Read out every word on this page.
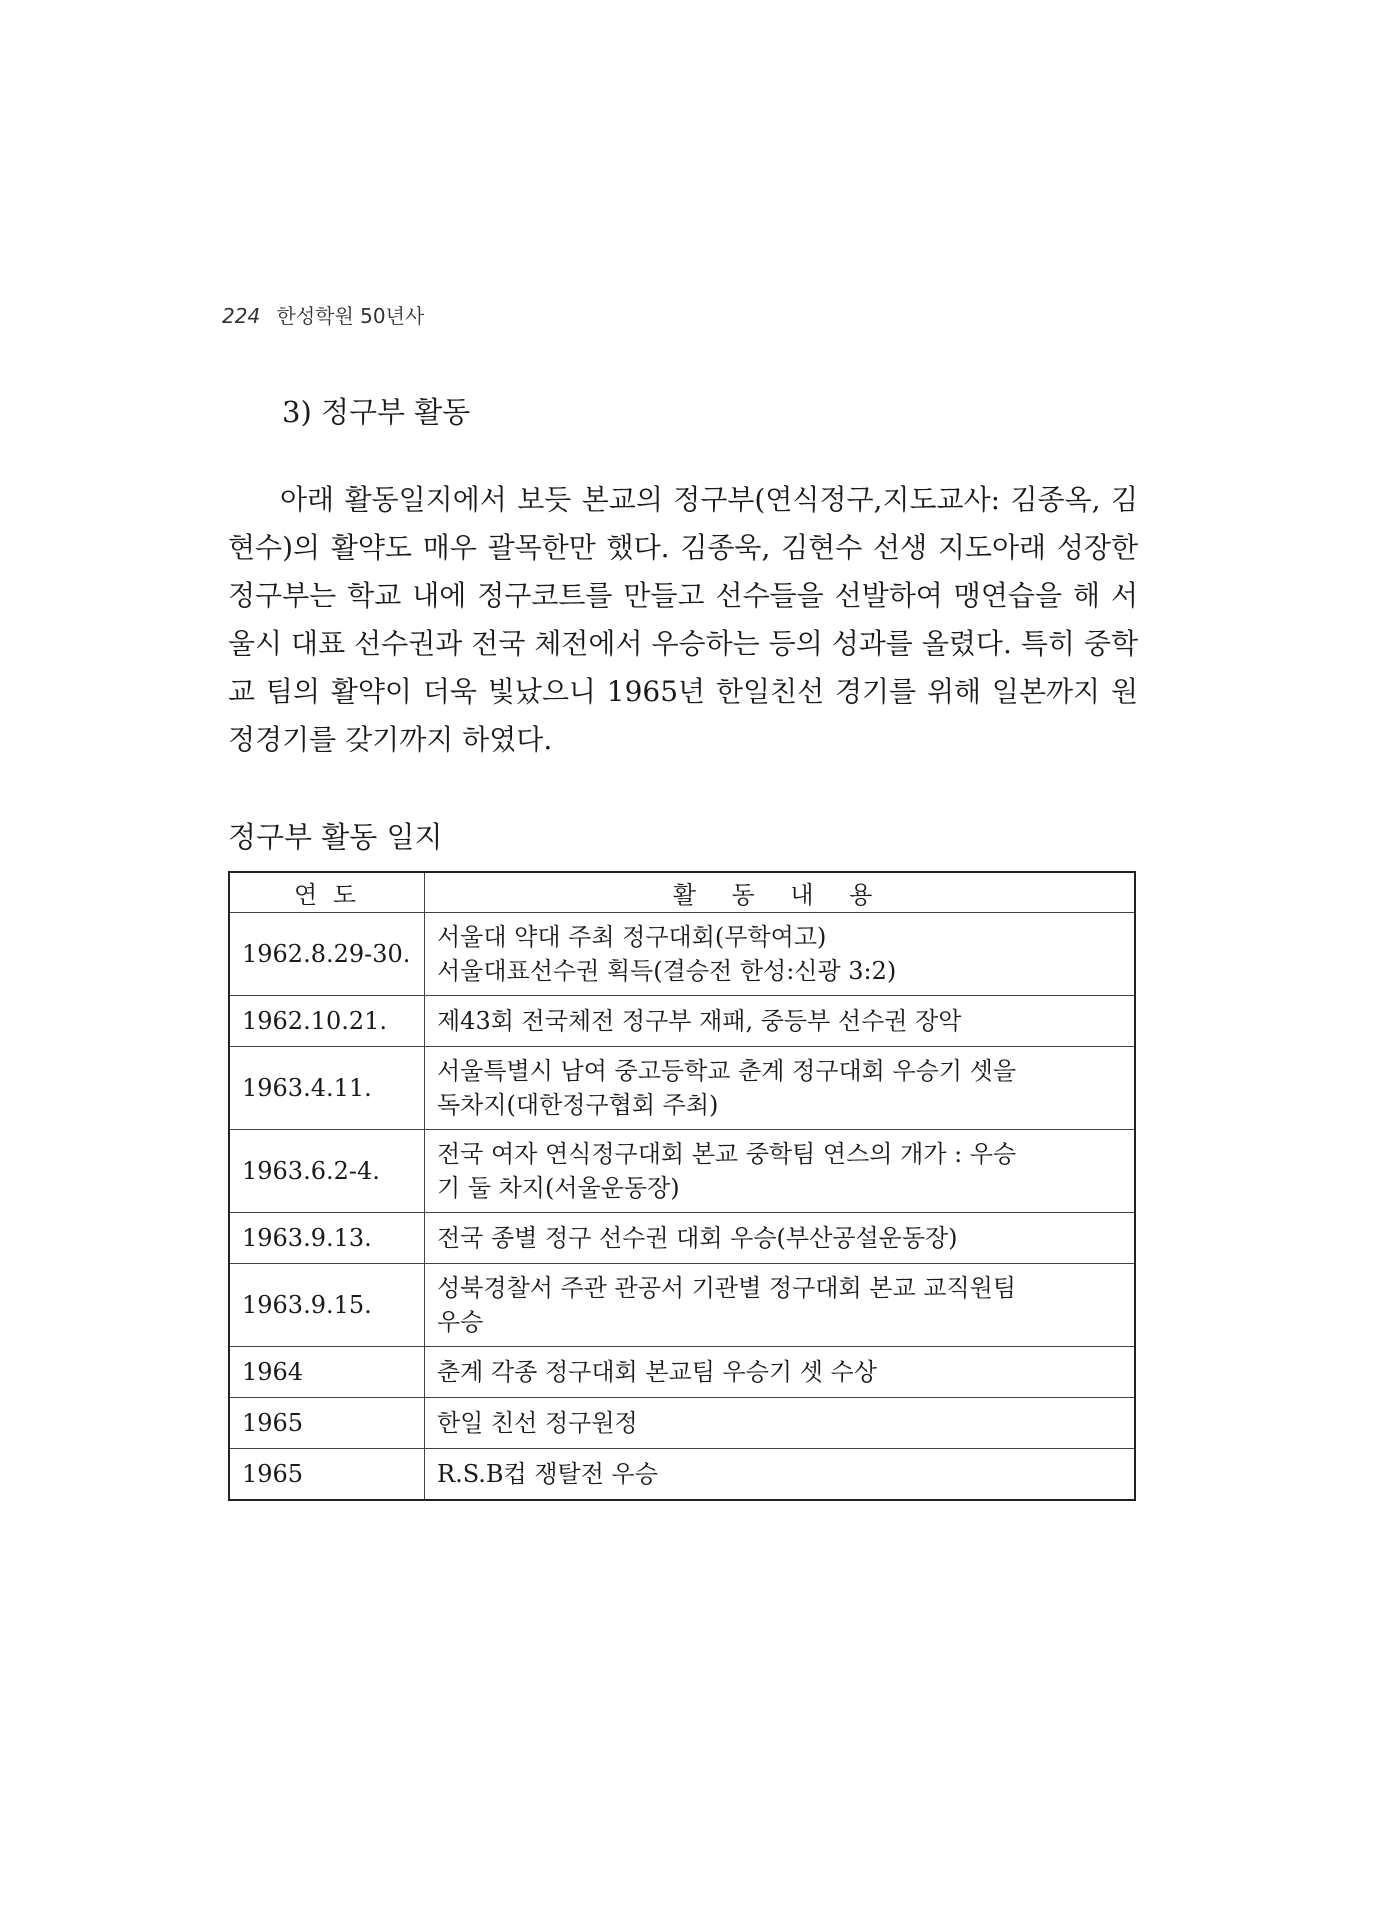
224 한성학원 50년사
3) 정구부 활동

아래 활동일지에서 보듯 본교의 정구부(연식정구,지도교사: 김종옥, 김현수)의 활약도 매우 괄목한만 했다. 김종욱, 김현수 선생 지도아래 성장한 정구부는 학교 내에 정구코트를 만들고 선수들을 선발하여 맹연습을 해 서울시 대표 선수권과 전국 체전에서 우승하는 등의 성과를 올렸다. 특히 중학교 팀의 활약이 더욱 빛났으니 1965년 한일친선 경기를 위해 일본까지 원정경기를 갖기까지 하였다.

정구부 활동 일지

연 도	활 동 내 용
1962.8.29-30.	서울대 약대 주최 정구대회(무학여고)
서울대표선수권 획득(결승전 한성:신광 3:2)

1962.10.21.	제43회 전국체전 정구부 재패, 중등부 선수권 장악

1963.4.11.	서울특별시 남여 중고등학교 춘계 정구대회 우승기 셋을
독차지(대한정구협회 주최)

1963.6.2-4.	전국 여자 연식정구대회 본교 중학팀 연스의 개가 : 우승
기 둘 차지(서울운동장)

1963.9.13.	전국 종별 정구 선수권 대회 우승(부산공설운동장)

1963.9.15.	성북경찰서 주관 관공서 기관별 정구대회 본교 교직원팀
우승

1964	춘계 각종 정구대회 본교팀 우승기 셋 수상

1965	한일 친선 정구원정

1965	R.S.B컵 쟁탈전 우승
